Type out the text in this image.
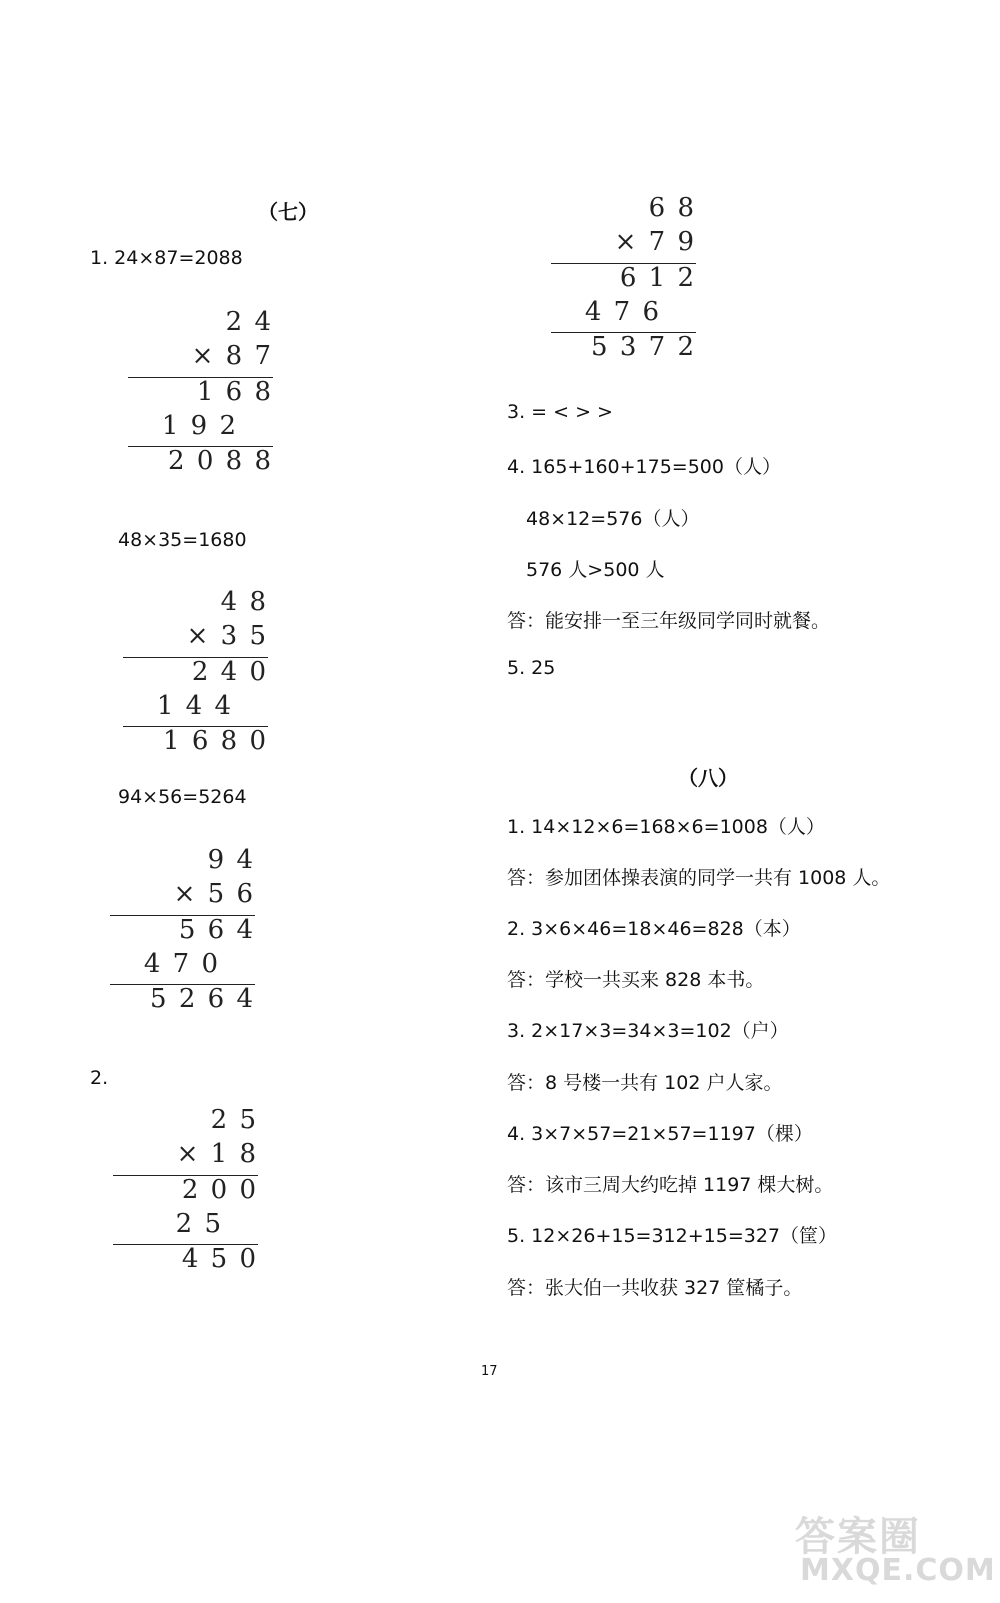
（七）
1. 24×87=2088
2 4
× 8 7
1 6 8
1 9 2
2 0 8 8
48×35=1680
4 8
× 3 5
2 4 0
1 4 4
1 6 8 0
94×56=5264
9 4
× 5 6
5 6 4
4 7 0
5 2 6 4
2.
2 5
× 1 8
2 0 0
2 5
4 5 0
6 8
× 7 9
6 1 2
4 7 6
5 3 7 2
3. = < > >
4. 165+160+175=500（人）
48×12=576（人）
576 人>500 人
答：能安排一至三年级同学同时就餐。
5. 25
（八）
1. 14×12×6=168×6=1008（人）
答：参加团体操表演的同学一共有 1008 人。
2. 3×6×46=18×46=828（本）
答：学校一共买来 828 本书。
3. 2×17×3=34×3=102（户）
答：8 号楼一共有 102 户人家。
4. 3×7×57=21×57=1197（棵）
答：该市三周大约吃掉 1197 棵大树。
5. 12×26+15=312+15=327（筐）
答：张大伯一共收获 327 筐橘子。
17
答案圈
MXQE.COM
